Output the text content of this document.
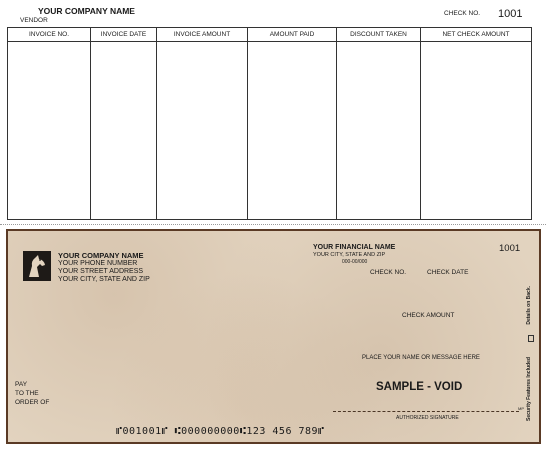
YOUR COMPANY NAME
VENDOR
CHECK NO. 1001
INVOICE NO.	INVOICE DATE	INVOICE AMOUNT	AMOUNT PAID	DISCOUNT TAKEN	NET CHECK AMOUNT
YOUR COMPANY NAME
YOUR PHONE NUMBER
YOUR STREET ADDRESS
YOUR CITY, STATE AND ZIP
YOUR FINANCIAL NAME
YOUR CITY, STATE AND ZIP
000-00/000
1001
CHECK NO.	CHECK DATE
CHECK AMOUNT
PLACE YOUR NAME OR MESSAGE HERE
PAY
TO THE
ORDER OF
SAMPLE - VOID
MP
AUTHORIZED SIGNATURE
⑈001001⑈ ⑆000000000⑆123 456 789⑈
Security Features Included
Details on Back.
